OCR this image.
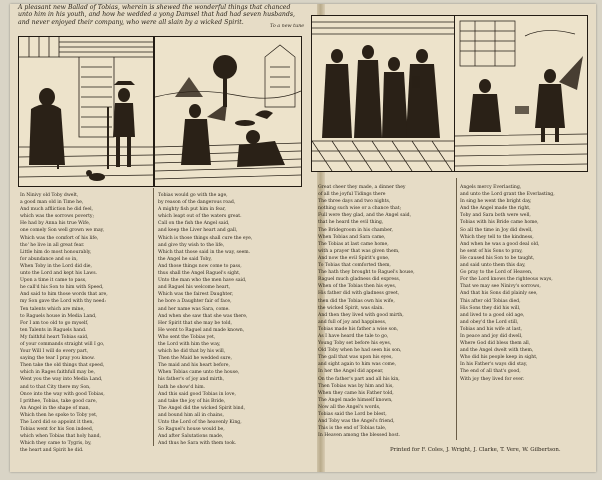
A pleasant new Ballad of Tobias, wherein is shewed the wonderful things that chanced unto him in his youth, and how he wedded a yong Damsel that had had seven husbands, and never enjoyed their company, who were all slain by a wicked Spirit.
To a new tune
In Ninivy old Toby dwelt,
a good man old in Time he,
And much affliction he did feel,
which was the sorrows poverty;
He had by Anna his true Wife,
one comely Son well grown we may,
Which was the comfort of his life,
tho' he live in all great fear.
Little him do most honourably,
for abundance and so in,
When Toby in the Lord did die,
unto the Lord and kept his Laws.
Upon a time it came to pass,
he call'd his Son to him with Speed,
And said to him those words that are,
my Son gave the Lord with thy need:
Ten talents which are mine,
to Raguels house in Media Land,
For I am too old to go myself,
ten Talents in Raguels hand.
My faithful heart Tobias said,
of your commands straight will I go,
Your Will I will do every part,
saying the tear I pray you know.
Then take the old things that speed,
which in Rages faithfull may be,
Went you the way into Media Land,
and to that City there my Son,
Once into the way with good Tobias,
I prithee, Tobias, take good care,
An Angel in the shape of man,
Which then he spoke to Toby yet,
The Lord did so appoint it then,
Tobias went for his Son indeed,
which when Tobias that holy hand,
Which they came to Tygris, by,
the heart and Spirit he did.
Tobias would go with the age,
by reason of the dangerous road,
A mighty fish put him in fear,
which leapt out of the waters great.
Call on the fish the Angel said,
and keep the Liver heart and gall,
Which is those things shall cure the eye,
and give thy wish to the life,
Which that those said in the way, seem.
the Angel he said Toby,
And those things now come to pass,
thus shall the Angel Raguel's sight,
Unto the man who the men have said,
and Raguel his welcome heart,
Which was the fairest Daughter,
he bore a Daughter fair of face,
and her name was Sara, come.
And when she saw that she was there,
Her Spirit that she may be told,
He went to Raguel and made known,
Who sent the Tobias yet,
the Lord with him the way,
which he did that by his will,
Then the Maid he wedded sure,
The maid and his heart before,
When Tobias came unto the house,
his father's of joy and mirth,
hath he show'd him.
And this said good Tobias in love,
and take the joy of his Bride,
The Angel did the wicked Spirit bind,
and bound him all in chains,
Unto the Lord of the heavenly King,
So Raguel's house would be,
And after Salutations made,
And thus he Sara with them took.
Great cheer they made, a dinner they
of all the joyful Tidings there
The three days and two nights,
nothing such wise or a chance that;
Full were they glad, and the Angel said,
that he heard the evil thing,
The Bridegroom in his chamber,
When Tobias and Sara came,
The Tobias at last came home,
with a prayer that was given them,
And now the evil Spirit's gone,
To Tobias that comforted them,
The hath they brought to Raguel's house,
Raguel much gladness did express,
When of the Tobias then his eyes,
His father did with gladness greet,
then did the Tobias own his wife,
the wicked Spirit, was slain.
And then they lived with good mirth,
and full of joy and happiness,
Tobias made his father a wise son,
As I have heard the tale to go,
Young Toby set before his eyes,
Old Toby when he had seen his son,
The gall that was upon his eyes,
and sight again to him was come,
In her the Angel did appear,
On the father's part and all his kin,
Then Tobias was by him and his,
When they came his Father told,
The Angel made himself known,
Now all the Angel's words,
Tobias said the Lord be blest,
And Toby was the Angel's friend,
This is the end of Tobias tale,
In Heaven among the blessed host.
Angels mercy Everlasting,
and unto the Lord grant the Everlasting,
In sing he went the bright day,
And the Angel made the right,
Toby and Sara both were well,
Tobias with his Bride came home,
So all the time in Joy did dwell,
Which they tell to the kindness,
And when he was a good deal old,
he sent of his Sons to pray,
He caused his Son to be taught,
and said unto them this day,
Go pray to the Lord of Heaven,
For the Lord knows the righteous ways,
That we may see Ninivy's sorrows,
And that his Sons did plainly see,
This after old Tobias died,
His Sons they did his will,
and lived to a good old age,
and obey'd the Lord still,
Tobias and his wife at last,
In peace and joy did dwell,
Where God did bless them all,
and the Angel dwelt with them,
Who did his people keep in sight,
In his Father's ways did stay,
The end of all that's good,
With joy they lived for ever.
Printed for F. Coles, J. Wright, J. Clarke, T. Vere, W. Gilbertson.
